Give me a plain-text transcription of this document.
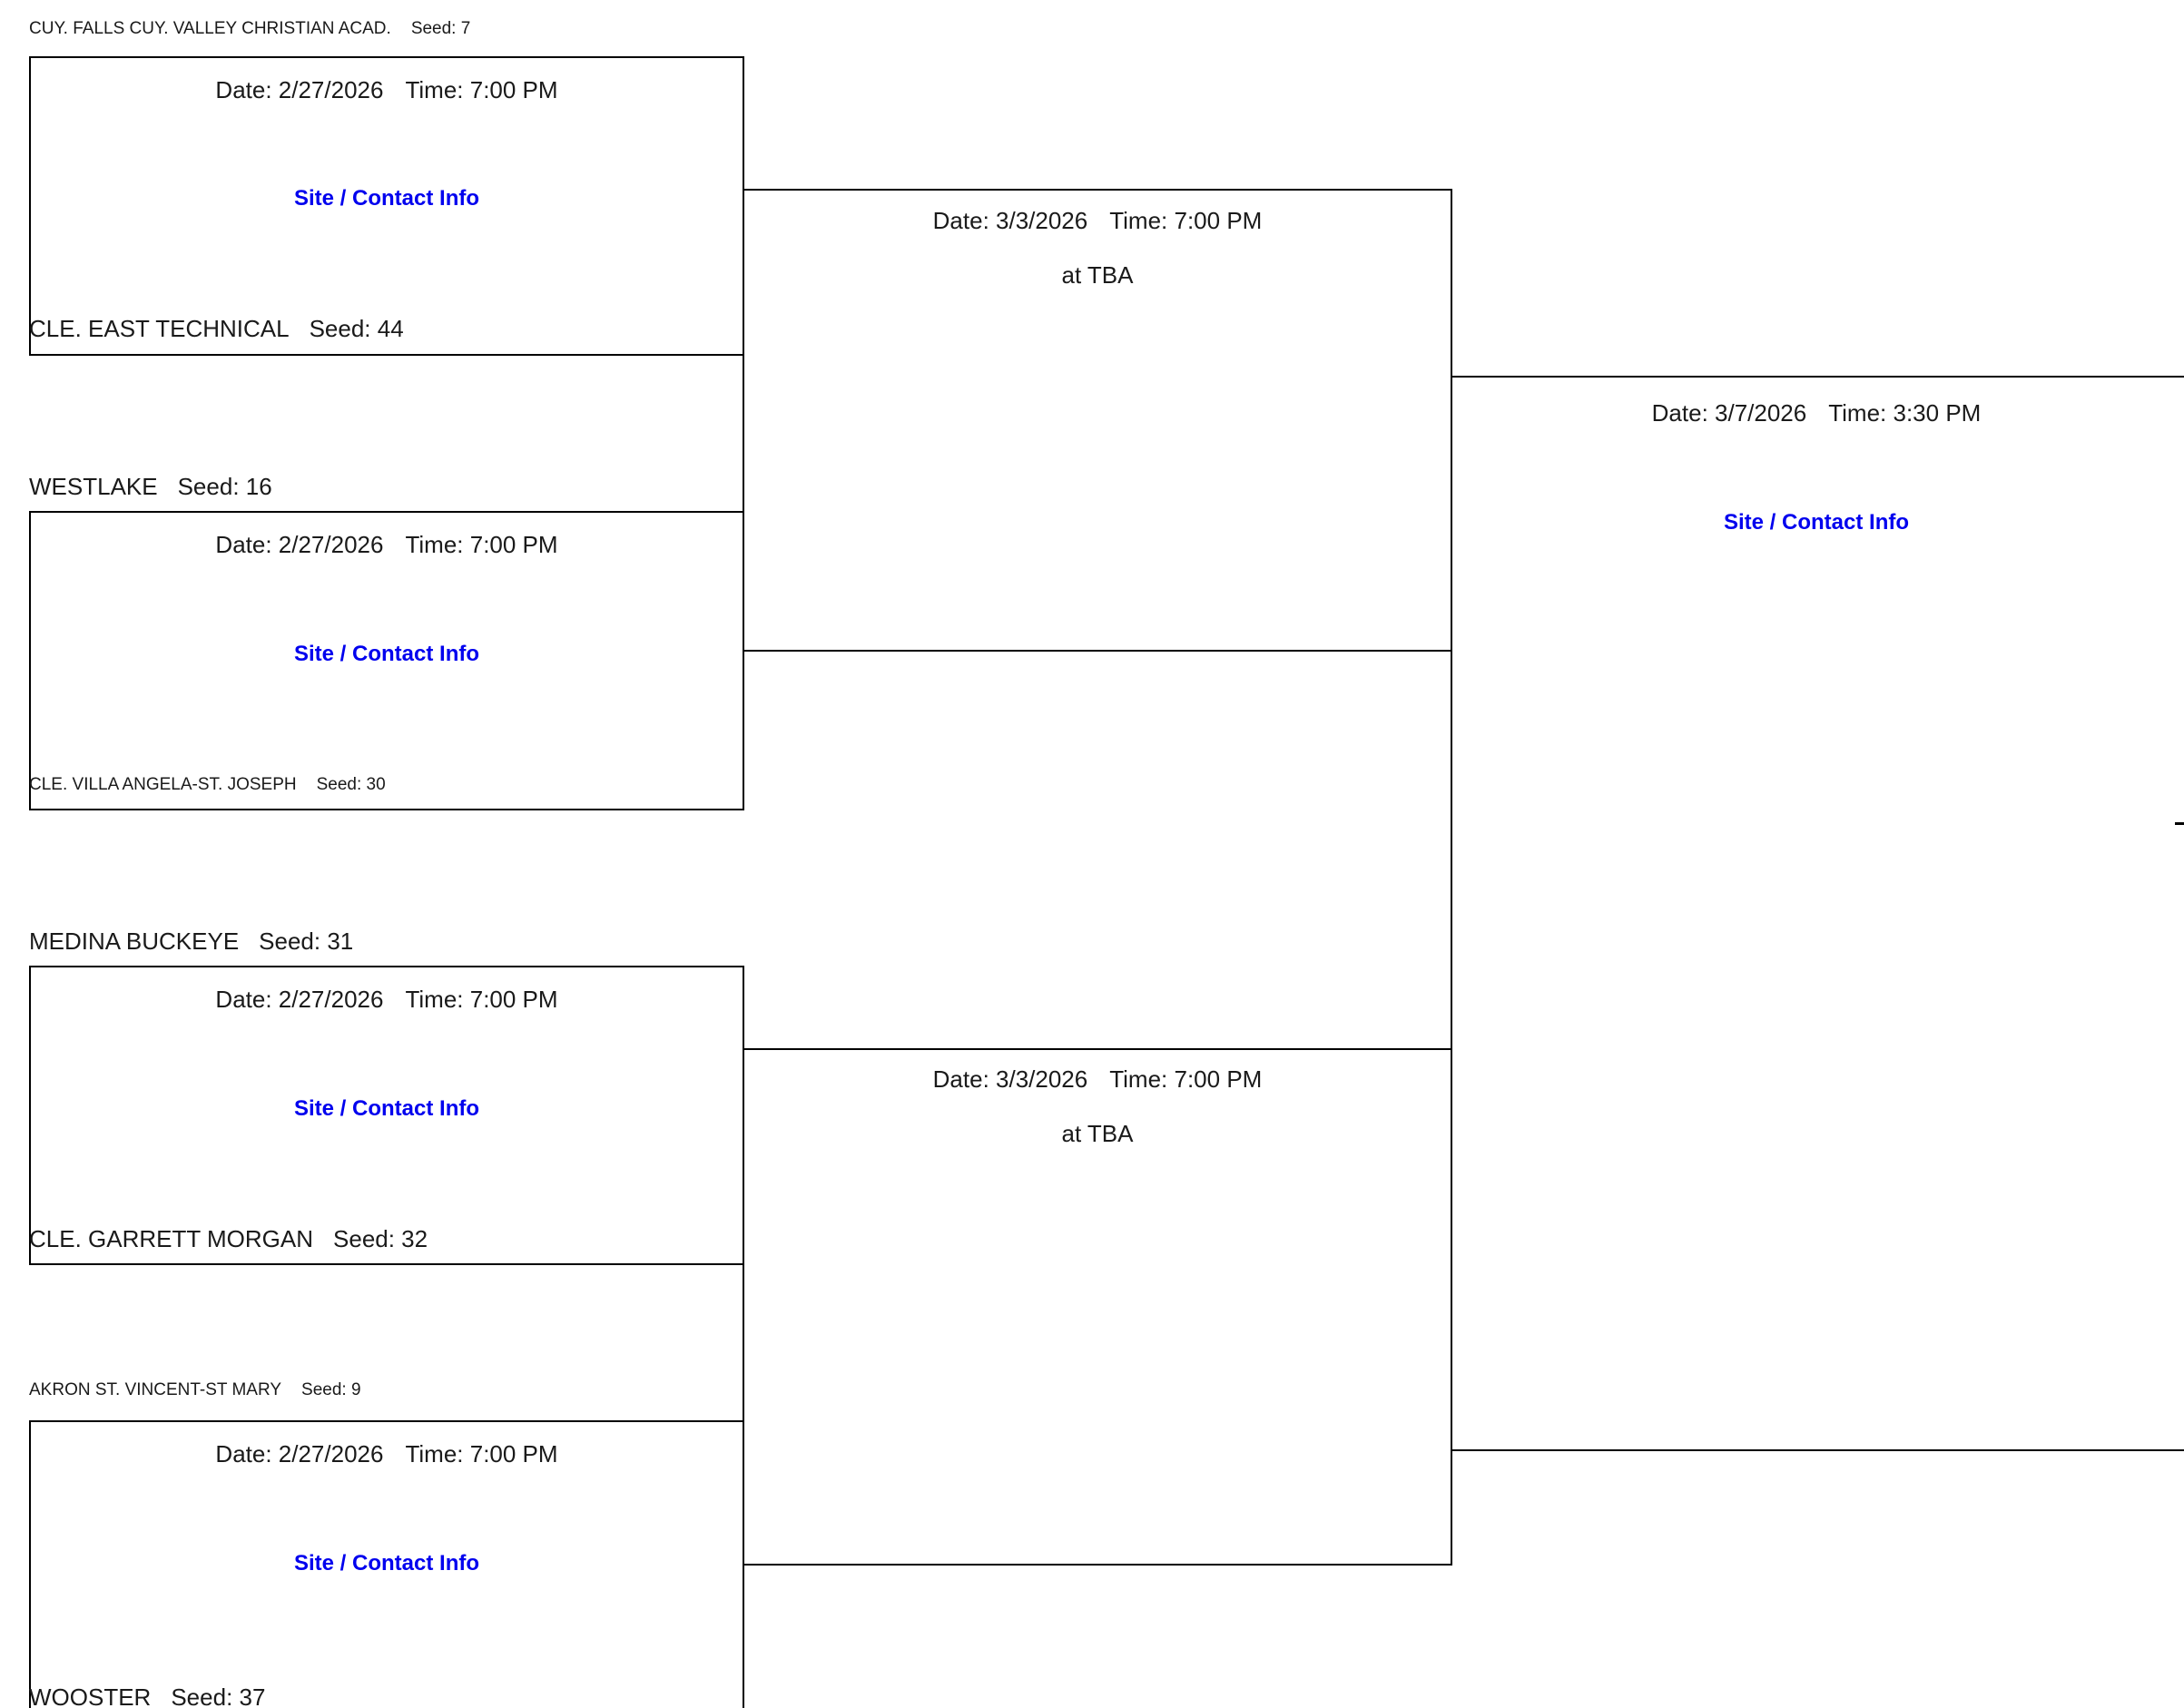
CUY. FALLS CUY. VALLEY CHRISTIAN ACAD. Seed: 7
Date: 2/27/2026 Time: 7:00 PM
Site / Contact Info
CLE. EAST TECHNICAL Seed: 44
WESTLAKE Seed: 16
Date: 2/27/2026 Time: 7:00 PM
Site / Contact Info
CLE. VILLA ANGELA-ST. JOSEPH Seed: 30
MEDINA BUCKEYE Seed: 31
Date: 2/27/2026 Time: 7:00 PM
Site / Contact Info
CLE. GARRETT MORGAN Seed: 32
AKRON ST. VINCENT-ST MARY Seed: 9
Date: 2/27/2026 Time: 7:00 PM
Site / Contact Info
WOOSTER Seed: 37
Date: 3/3/2026 Time: 7:00 PM
at TBA
Date: 3/3/2026 Time: 7:00 PM
at TBA
Date: 3/7/2026 Time: 3:30 PM
Site / Contact Info
